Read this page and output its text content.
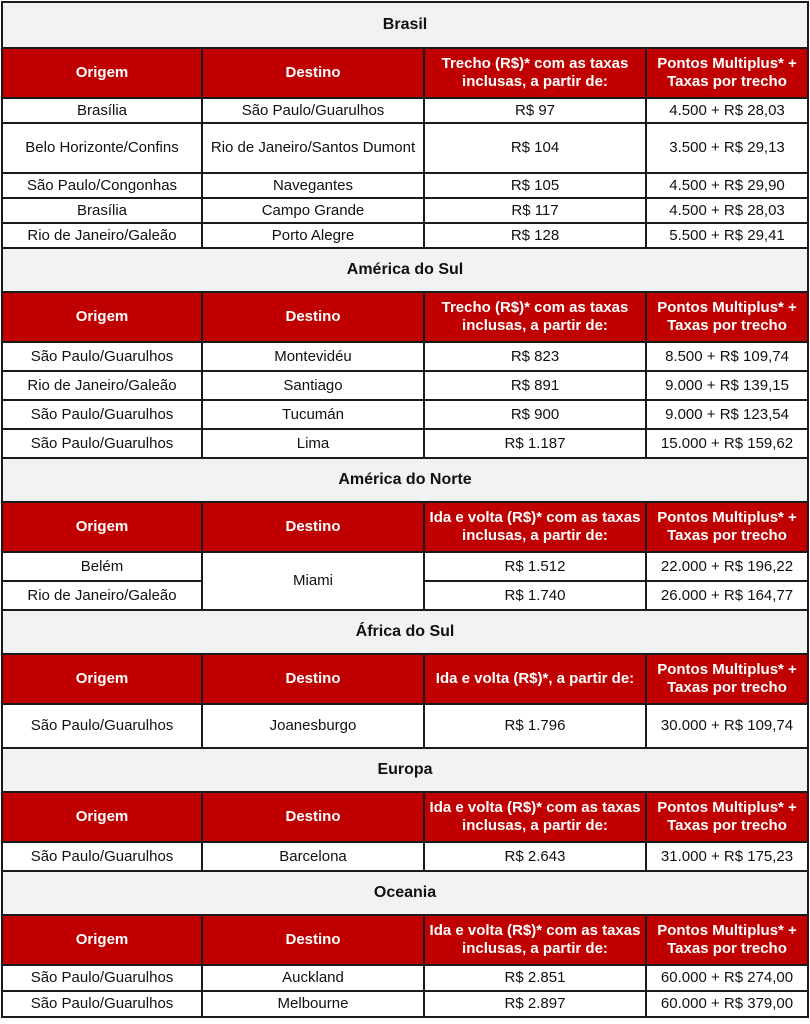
Brasil			
Origem	Destino	Trecho (R$)* com as taxas inclusas, a partir de:	Pontos Multiplus* + Taxas por trecho
Brasília	São Paulo/Guarulhos	R$ 97	4.500 + R$ 28,03
Belo Horizonte/Confins	Rio de Janeiro/Santos Dumont	R$ 104	3.500 + R$ 29,13
São Paulo/Congonhas	Navegantes	R$ 105	4.500 + R$ 29,90
Brasília	Campo Grande	R$ 117	4.500 + R$ 28,03
Rio de Janeiro/Galeão	Porto Alegre	R$ 128	5.500 + R$ 29,41
América do Sul			
Origem	Destino	Trecho (R$)* com as taxas inclusas, a partir de:	Pontos Multiplus* + Taxas por trecho
São Paulo/Guarulhos	Montevidéu	R$ 823	8.500 + R$ 109,74
Rio de Janeiro/Galeão	Santiago	R$ 891	9.000 + R$ 139,15
São Paulo/Guarulhos	Tucumán	R$ 900	9.000 + R$ 123,54
São Paulo/Guarulhos	Lima	R$ 1.187	15.000 + R$ 159,62
América do Norte			
Origem	Destino	Ida e volta (R$)* com as taxas inclusas, a partir de:	Pontos Multiplus* + Taxas por trecho
Belém	Miami	R$ 1.512	22.000 + R$ 196,22
Rio de Janeiro/Galeão		R$ 1.740	26.000 + R$ 164,77
África do Sul			
Origem	Destino	Ida e volta (R$)*, a partir de:	Pontos Multiplus* + Taxas por trecho
São Paulo/Guarulhos	Joanesburgo	R$ 1.796	30.000 + R$ 109,74
Europa			
Origem	Destino	Ida e volta (R$)* com as taxas inclusas, a partir de:	Pontos Multiplus* + Taxas por trecho
São Paulo/Guarulhos	Barcelona	R$ 2.643	31.000 + R$ 175,23
Oceania			
Origem	Destino	Ida e volta (R$)* com as taxas inclusas, a partir de:	Pontos Multiplus* + Taxas por trecho
São Paulo/Guarulhos	Auckland	R$ 2.851	60.000 + R$ 274,00
São Paulo/Guarulhos	Melbourne	R$ 2.897	60.000 + R$ 379,00
